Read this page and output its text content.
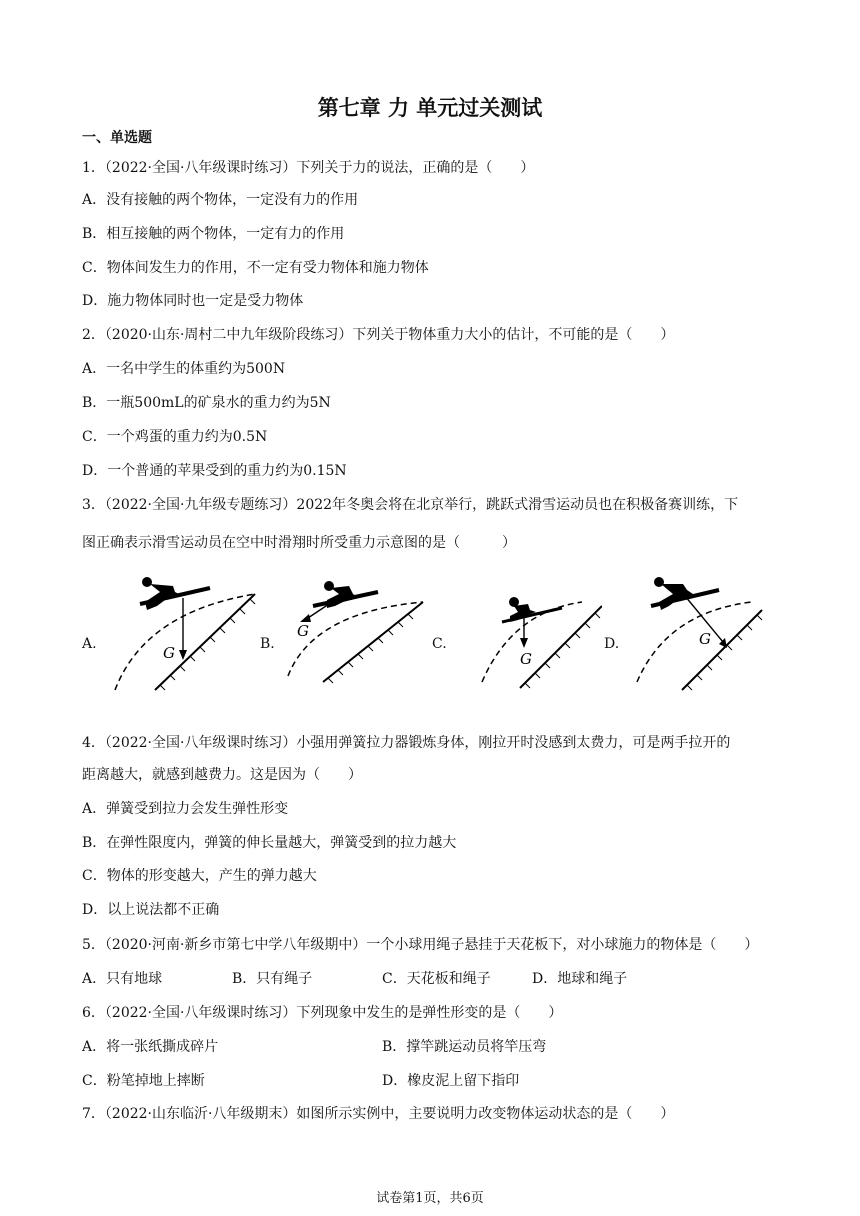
第七章 力 单元过关测试
一、单选题
1．（2022·全国·八年级课时练习）下列关于力的说法，正确的是（　　）
A．没有接触的两个物体，一定没有力的作用
B．相互接触的两个物体，一定有力的作用
C．物体间发生力的作用，不一定有受力物体和施力物体
D．施力物体同时也一定是受力物体
2．（2020·山东·周村二中九年级阶段练习）下列关于物体重力大小的估计，不可能的是（　　）
A．一名中学生的体重约为500N
B．一瓶500mL的矿泉水的重力约为5N
C．一个鸡蛋的重力约为0.5N
D．一个普通的苹果受到的重力约为0.15N
3．（2022·全国·九年级专题练习）2022年冬奥会将在北京举行，跳跃式滑雪运动员也在积极备赛训练，下
图正确表示滑雪运动员在空中时滑翔时所受重力示意图的是（　　　）
A.	G	B.
G
C.
G
D.	G
4．（2022·全国·八年级课时练习）小强用弹簧拉力器锻炼身体，刚拉开时没感到太费力，可是两手拉开的
距离越大，就感到越费力。这是因为（　　）
A．弹簧受到拉力会发生弹性形变
B．在弹性限度内，弹簧的伸长量越大，弹簧受到的拉力越大
C．物体的形变越大，产生的弹力越大
D．以上说法都不正确
5．（2020·河南·新乡市第七中学八年级期中）一个小球用绳子悬挂于天花板下，对小球施力的物体是（　　）
A．只有地球	B．只有绳子	C．天花板和绳子	D．地球和绳子
6．（2022·全国·八年级课时练习）下列现象中发生的是弹性形变的是（　　）
A．将一张纸撕成碎片	B．撑竿跳运动员将竿压弯
C．粉笔掉地上摔断	D．橡皮泥上留下指印
7．（2022·山东临沂·八年级期末）如图所示实例中，主要说明力改变物体运动状态的是（　　）
试卷第1页，共6页
